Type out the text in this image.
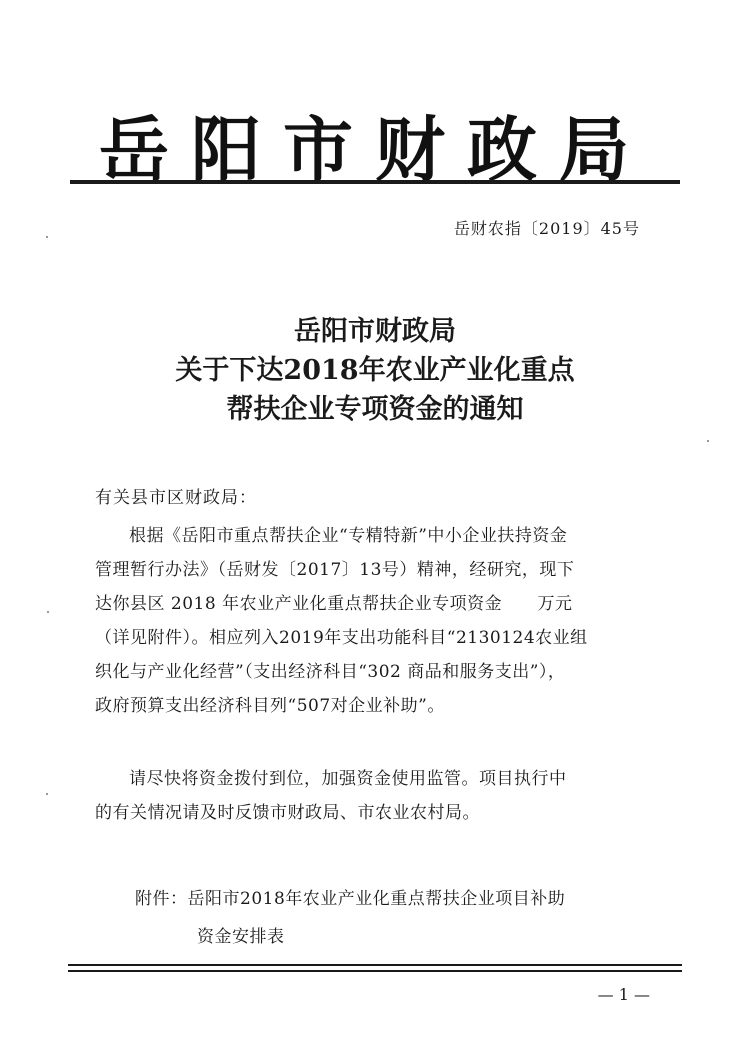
岳阳市财政局
岳财农指〔2019〕45号
岳阳市财政局
关于下达2018年农业产业化重点
帮扶企业专项资金的通知
有关县市区财政局：
根据《岳阳市重点帮扶企业“专精特新”中小企业扶持资金
管理暂行办法》（岳财发〔2017〕13号）精神，经研究，现下
达你县区 2018 年农业产业化重点帮扶企业专项资金      万元
（详见附件）。相应列入2019年支出功能科目“2130124农业组
织化与产业化经营”（支出经济科目“302 商品和服务支出”），
政府预算支出经济科目列“507对企业补助”。
请尽快将资金拨付到位，加强资金使用监管。项目执行中
的有关情况请及时反馈市财政局、市农业农村局。
附件：岳阳市2018年农业产业化重点帮扶企业项目补助
资金安排表
— 1 —
